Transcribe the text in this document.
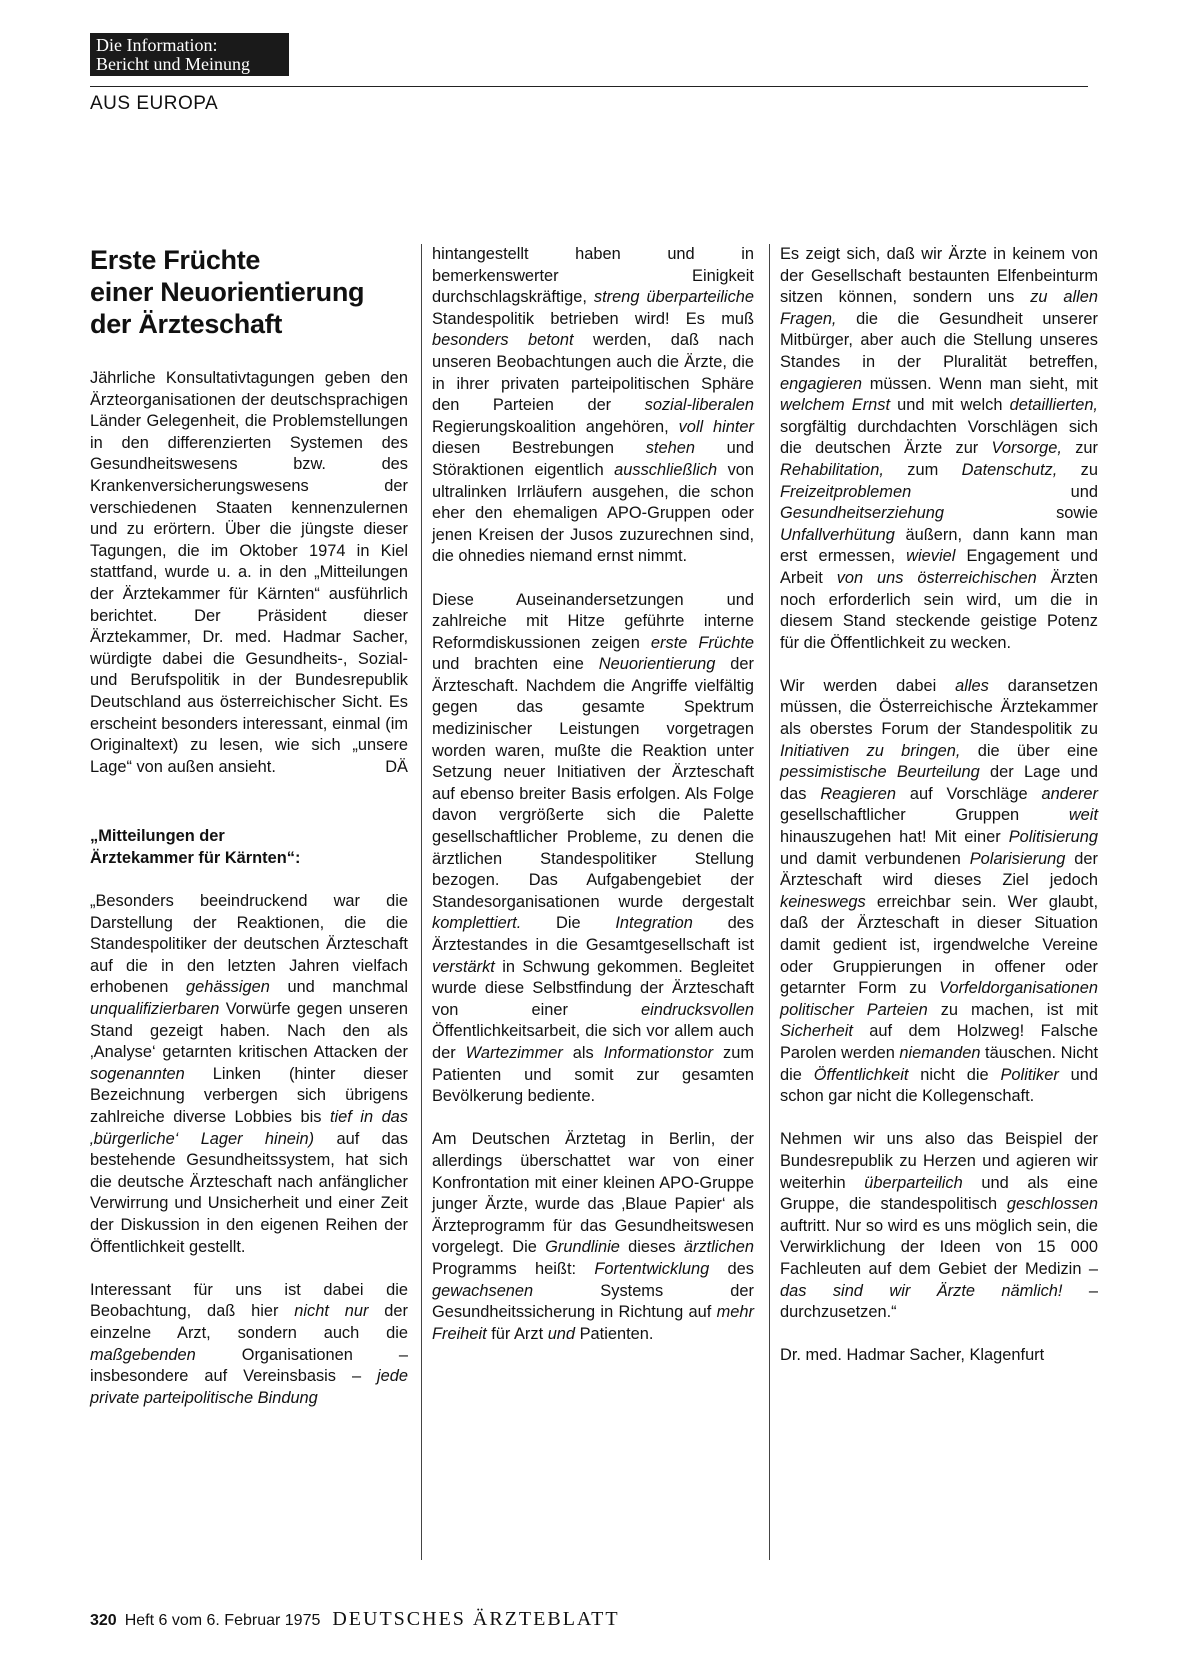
Die Information:
Bericht und Meinung
AUS EUROPA
Erste Früchte
einer Neuorientierung
der Ärzteschaft

Jährliche Konsultativtagungen geben den Ärzteorganisationen der deutschsprachigen Länder Gelegenheit, die Problemstellungen in den differenzierten Systemen des Gesundheitswesens bzw. des Krankenversicherungswesens der verschiedenen Staaten kennenzulernen und zu erörtern. Über die jüngste dieser Tagungen, die im Oktober 1974 in Kiel stattfand, wurde u. a. in den „Mitteilungen der Ärztekammer für Kärnten“ ausführlich berichtet. Der Präsident dieser Ärztekammer, Dr. med. Hadmar Sacher, würdigte dabei die Gesundheits-, Sozial- und Berufspolitik in der Bundesrepublik Deutschland aus österreichischer Sicht. Es erscheint besonders interessant, einmal (im Originaltext) zu lesen, wie sich „unsere Lage“ von außen ansieht.	DÄ

„Mitteilungen der
Ärztekammer für Kärnten“:

„Besonders beeindruckend war die Darstellung der Reaktionen, die die Standespolitiker der deutschen Ärzteschaft auf die in den letzten Jahren vielfach erhobenen gehässigen und manchmal unqualifizierbaren Vorwürfe gegen unseren Stand gezeigt haben. Nach den als ‚Analyse‘ getarnten kritischen Attacken der sogenannten Linken (hinter dieser Bezeichnung verbergen sich übrigens zahlreiche diverse Lobbies bis tief in das ‚bürgerliche‘ Lager hinein) auf das bestehende Gesundheitssystem, hat sich die deutsche Ärzteschaft nach anfänglicher Verwirrung und Unsicherheit und einer Zeit der Diskussion in den eigenen Reihen der Öffentlichkeit gestellt.

Interessant für uns ist dabei die Beobachtung, daß hier nicht nur der einzelne Arzt, sondern auch die maßgebenden Organisationen – insbesondere auf Vereinsbasis – jede private parteipolitische Bindung

hintangestellt haben und in bemerkenswerter Einigkeit durchschlagskräftige, streng überparteiliche Standespolitik betrieben wird! Es muß besonders betont werden, daß nach unseren Beobachtungen auch die Ärzte, die in ihrer privaten parteipolitischen Sphäre den Parteien der sozial-liberalen Regierungskoalition angehören, voll hinter diesen Bestrebungen stehen und Störaktionen eigentlich ausschließlich von ultralinken Irrläufern ausgehen, die schon eher den ehemaligen APO-Gruppen oder jenen Kreisen der Jusos zuzurechnen sind, die ohnedies niemand ernst nimmt.

Diese Auseinandersetzungen und zahlreiche mit Hitze geführte interne Reformdiskussionen zeigen erste Früchte und brachten eine Neuorientierung der Ärzteschaft. Nachdem die Angriffe vielfältig gegen das gesamte Spektrum medizinischer Leistungen vorgetragen worden waren, mußte die Reaktion unter Setzung neuer Initiativen der Ärzteschaft auf ebenso breiter Basis erfolgen. Als Folge davon vergrößerte sich die Palette gesellschaftlicher Probleme, zu denen die ärztlichen Standespolitiker Stellung bezogen. Das Aufgabengebiet der Standesorganisationen wurde dergestalt komplettiert. Die Integration des Ärztestandes in die Gesamtgesellschaft ist verstärkt in Schwung gekommen. Begleitet wurde diese Selbstfindung der Ärzteschaft von einer eindrucksvollen Öffentlichkeitsarbeit, die sich vor allem auch der Wartezimmer als Informationstor zum Patienten und somit zur gesamten Bevölkerung bediente.

Am Deutschen Ärztetag in Berlin, der allerdings überschattet war von einer Konfrontation mit einer kleinen APO-Gruppe junger Ärzte, wurde das ‚Blaue Papier‘ als Ärzteprogramm für das Gesundheitswesen vorgelegt. Die Grundlinie dieses ärztlichen Programms heißt: Fortentwicklung des gewachsenen Systems der Gesundheitssicherung in Richtung auf mehr Freiheit für Arzt und Patienten.

Es zeigt sich, daß wir Ärzte in keinem von der Gesellschaft bestaunten Elfenbeinturm sitzen können, sondern uns zu allen Fragen, die die Gesundheit unserer Mitbürger, aber auch die Stellung unseres Standes in der Pluralität betreffen, engagieren müssen. Wenn man sieht, mit welchem Ernst und mit welch detaillierten, sorgfältig durchdachten Vorschlägen sich die deutschen Ärzte zur Vorsorge, zur Rehabilitation, zum Datenschutz, zu Freizeitproblemen und Gesundheitserziehung sowie Unfallverhütung äußern, dann kann man erst ermessen, wieviel Engagement und Arbeit von uns österreichischen Ärzten noch erforderlich sein wird, um die in diesem Stand steckende geistige Potenz für die Öffentlichkeit zu wecken.

Wir werden dabei alles daransetzen müssen, die Österreichische Ärztekammer als oberstes Forum der Standespolitik zu Initiativen zu bringen, die über eine pessimistische Beurteilung der Lage und das Reagieren auf Vorschläge anderer gesellschaftlicher Gruppen weit hinauszugehen hat! Mit einer Politisierung und damit verbundenen Polarisierung der Ärzteschaft wird dieses Ziel jedoch keineswegs erreichbar sein. Wer glaubt, daß der Ärzteschaft in dieser Situation damit gedient ist, irgendwelche Vereine oder Gruppierungen in offener oder getarnter Form zu Vorfeldorganisationen politischer Parteien zu machen, ist mit Sicherheit auf dem Holzweg! Falsche Parolen werden niemanden täuschen. Nicht die Öffentlichkeit nicht die Politiker und schon gar nicht die Kollegenschaft.

Nehmen wir uns also das Beispiel der Bundesrepublik zu Herzen und agieren wir weiterhin überparteilich und als eine Gruppe, die standespolitisch geschlossen auftritt. Nur so wird es uns möglich sein, die Verwirklichung der Ideen von 15 000 Fachleuten auf dem Gebiet der Medizin – das sind wir Ärzte nämlich! – durchzusetzen.“

Dr. med. Hadmar Sacher, Klagenfurt

320 Heft 6 vom 6. Februar 1975 DEUTSCHES ÄRZTEBLATT
